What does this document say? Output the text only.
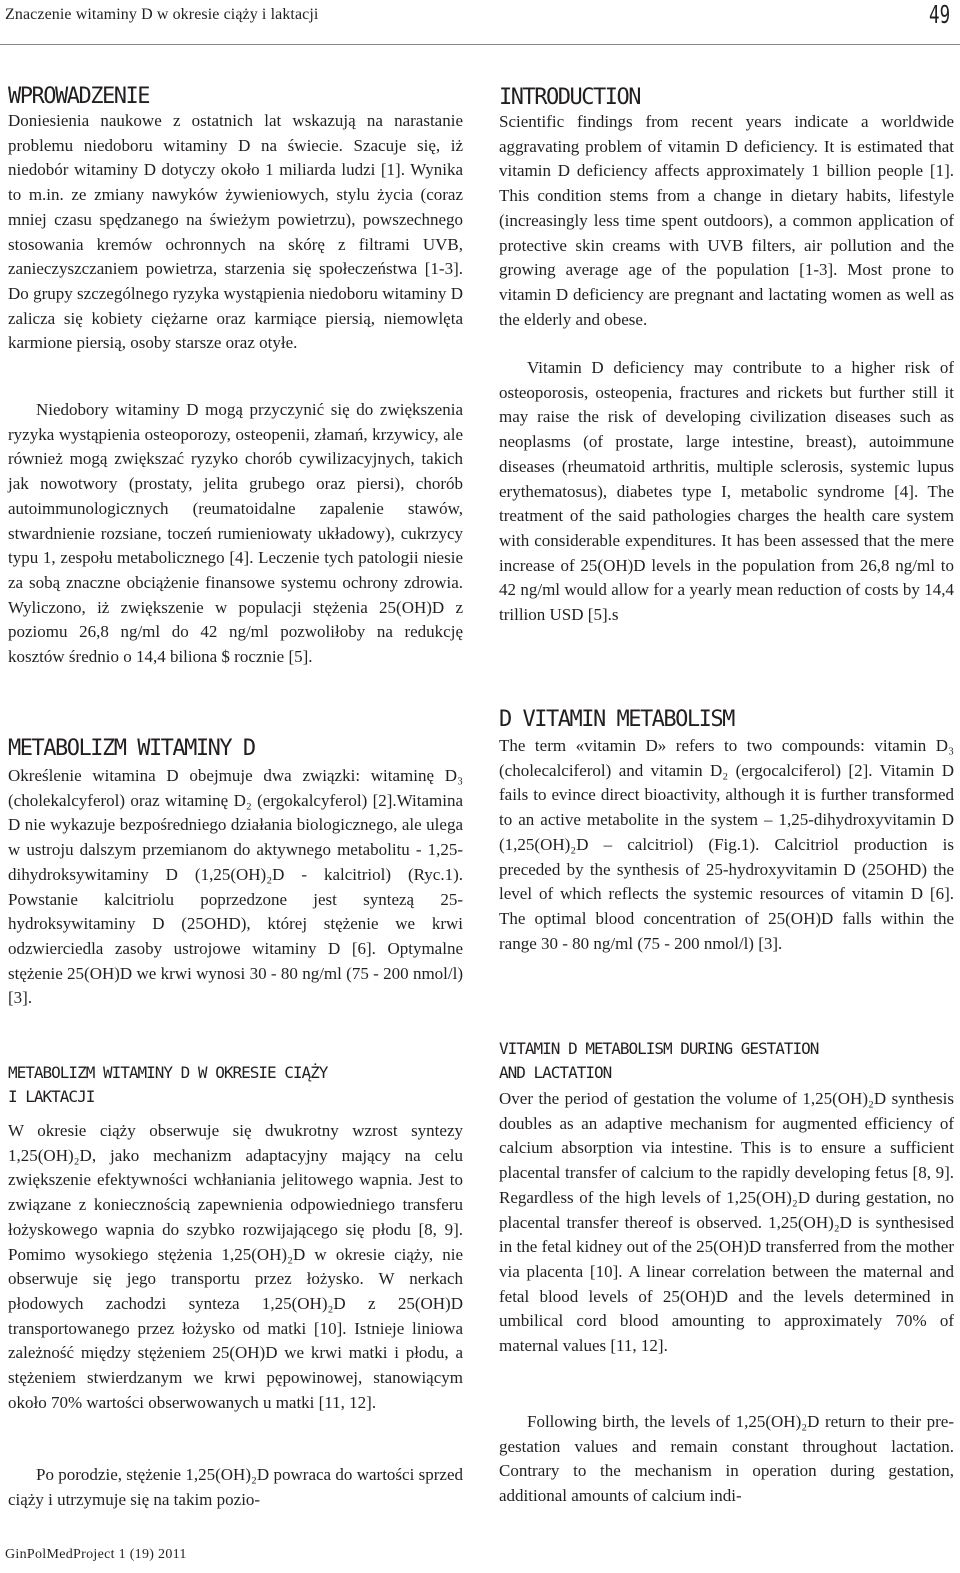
Znaczenie witaminy D w okresie ciąży i laktacji	49
WPROWADZENIE

Doniesienia naukowe z ostatnich lat wskazują na narastanie problemu niedoboru witaminy D na świecie. Szacuje się, iż niedobór witaminy D dotyczy około 1 miliarda ludzi [1]. Wynika to m.in. ze zmiany nawyków żywieniowych, stylu życia (coraz mniej czasu spędzanego na świeżym powietrzu), powszechnego stosowania kremów ochronnych na skórę z filtrami UVB, zanieczyszczaniem powietrza, starzenia się społeczeństwa [1-3]. Do grupy szczególnego ryzyka wystąpienia niedoboru witaminy D zalicza się kobiety ciężarne oraz karmiące piersią, niemowlęta karmione piersią, osoby starsze oraz otyłe.

Niedobory witaminy D mogą przyczynić się do zwiększenia ryzyka wystąpienia osteoporozy, osteopenii, złamań, krzywicy, ale również mogą zwiększać ryzyko chorób cywilizacyjnych, takich jak nowotwory (prostaty, jelita grubego oraz piersi), chorób autoimmunologicznych (reumatoidalne zapalenie stawów, stwardnienie rozsiane, toczeń rumieniowaty układowy), cukrzycy typu 1, zespołu metabolicznego [4]. Leczenie tych patologii niesie za sobą znaczne obciążenie finansowe systemu ochrony zdrowia. Wyliczono, iż zwiększenie w populacji stężenia 25(OH)D z poziomu 26,8 ng/ml do 42 ng/ml pozwoliłoby na redukcję kosztów średnio o 14,4 biliona $ rocznie [5].

METABOLIZM WITAMINY D

Określenie witamina D obejmuje dwa związki: witaminę D₃ (cholekalcyferol) oraz witaminę D₂ (ergokalcyferol) [2].Witamina D nie wykazuje bezpośredniego działania biologicznego, ale ulega w ustroju dalszym przemianom do aktywnego metabolitu - 1,25-dihydroksywitaminy D (1,25(OH)₂D - kalcitriol) (Ryc.1). Powstanie kalcitriolu poprzedzone jest syntezą 25-hydroksywitaminy D (25OHD), której stężenie we krwi odzwierciedla zasoby ustrojowe witaminy D [6]. Optymalne stężenie 25(OH)D we krwi wynosi 30 - 80 ng/ml (75 - 200 nmol/l) [3].

METABOLIZM WITAMINY D W OKRESIE CIĄŻY
I LAKTACJI

W okresie ciąży obserwuje się dwukrotny wzrost syntezy 1,25(OH)₂D, jako mechanizm adaptacyjny mający na celu zwiększenie efektywności wchłaniania jelitowego wapnia. Jest to związane z koniecznością zapewnienia odpowiedniego transferu łożyskowego wapnia do szybko rozwijającego się płodu [8, 9]. Pomimo wysokiego stężenia 1,25(OH)₂D w okresie ciąży, nie obserwuje się jego transportu przez łożysko. W nerkach płodowych zachodzi synteza 1,25(OH)₂D z 25(OH)D transportowanego przez łożysko od matki [10]. Istnieje liniowa zależność między stężeniem 25(OH)D we krwi matki i płodu, a stężeniem stwierdzanym we krwi pępowinowej, stanowiącym około 70% wartości obserwowanych u matki [11, 12].

Po porodzie, stężenie 1,25(OH)₂D powraca do wartości sprzed ciąży i utrzymuje się na takim pozio-

INTRODUCTION

Scientific findings from recent years indicate a worldwide aggravating problem of vitamin D deficiency. It is estimated that vitamin D deficiency affects approximately 1 billion people [1]. This condition stems from a change in dietary habits, lifestyle (increasingly less time spent outdoors), a common application of protective skin creams with UVB filters, air pollution and the growing average age of the population [1-3]. Most prone to vitamin D deficiency are pregnant and lactating women as well as the elderly and obese.

Vitamin D deficiency may contribute to a higher risk of osteoporosis, osteopenia, fractures and rickets but further still it may raise the risk of developing civilization diseases such as neoplasms (of prostate, large intestine, breast), autoimmune diseases (rheumatoid arthritis, multiple sclerosis, systemic lupus erythematosus), diabetes type I, metabolic syndrome [4]. The treatment of the said pathologies charges the health care system with considerable expenditures. It has been assessed that the mere increase of 25(OH)D levels in the population from 26,8 ng/ml to 42 ng/ml would allow for a yearly mean reduction of costs by 14,4 trillion USD [5].s

D VITAMIN METABOLISM

The term «vitamin D» refers to two compounds: vitamin D₃ (cholecalciferol) and vitamin D₂ (ergocalciferol) [2]. Vitamin D fails to evince direct bioactivity, although it is further transformed to an active metabolite in the system – 1,25-dihydroxyvitamin D (1,25(OH)₂D – calcitriol) (Fig.1). Calcitriol production is preceded by the synthesis of 25-hydroxyvitamin D (25OHD) the level of which reflects the systemic resources of vitamin D [6]. The optimal blood concentration of 25(OH)D falls within the range 30 - 80 ng/ml (75 - 200 nmol/l) [3].

VITAMIN D METABOLISM DURING GESTATION
AND LACTATION

Over the period of gestation the volume of 1,25(OH)₂D synthesis doubles as an adaptive mechanism for augmented efficiency of calcium absorption via intestine. This is to ensure a sufficient placental transfer of calcium to the rapidly developing fetus [8, 9]. Regardless of the high levels of 1,25(OH)₂D during gestation, no placental transfer thereof is observed. 1,25(OH)₂D is synthesised in the fetal kidney out of the 25(OH)D transferred from the mother via placenta [10]. A linear correlation between the maternal and fetal blood levels of 25(OH)D and the levels determined in umbilical cord blood amounting to approximately 70% of maternal values [11, 12].

Following birth, the levels of 1,25(OH)₂D return to their pre-gestation values and remain constant throughout lactation. Contrary to the mechanism in operation during gestation, additional amounts of calcium indi-

GinPolMedProject 1 (19) 2011
